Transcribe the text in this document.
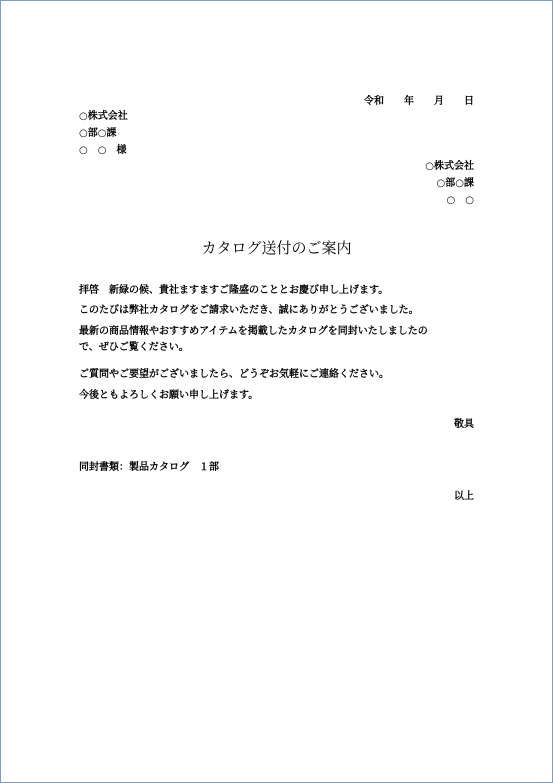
令和　　年　　月　　日
○株式会社
○部○課
○　○　様
○株式会社
○部○課
○　○
カタログ送付のご案内
拝啓　新緑の候、貴社ますますご隆盛のこととお慶び申し上げます。
このたびは弊社カタログをご請求いただき、誠にありがとうございました。
最新の商品情報やおすすめアイテムを掲載したカタログを同封いたしましたの
で、ぜひご覧ください。
ご質問やご要望がございましたら、どうぞお気軽にご連絡ください。
今後ともよろしくお願い申し上げます。
敬具
同封書類：製品カタログ　１部
以上
